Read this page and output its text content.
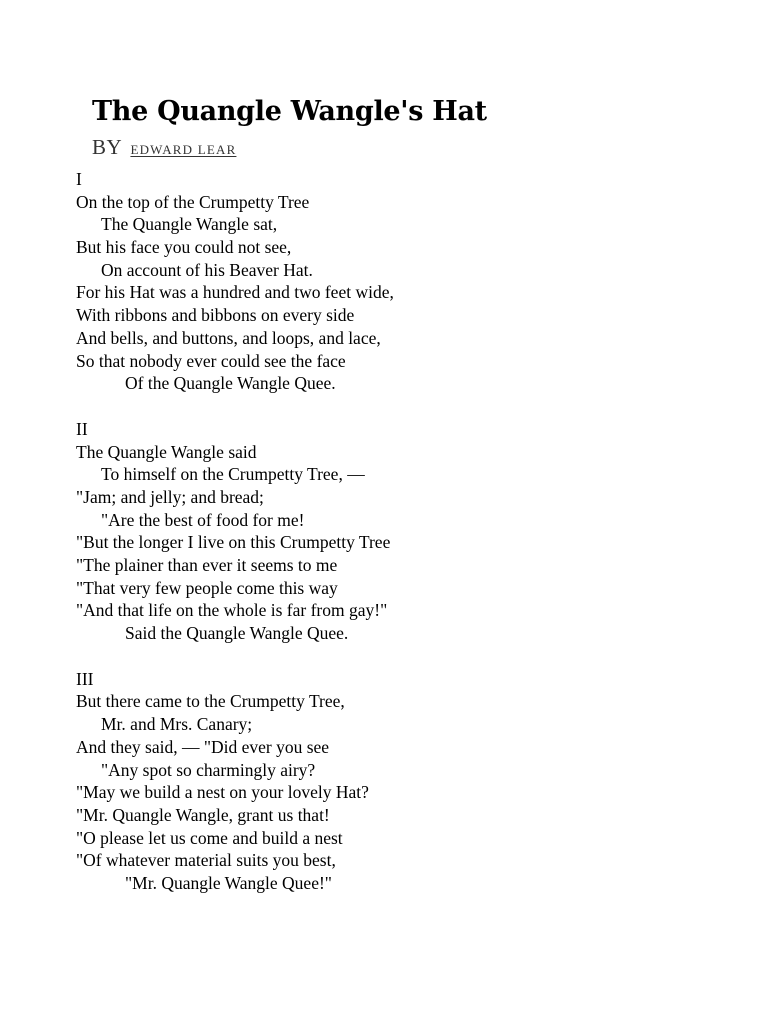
The Quangle Wangle's Hat
BY EDWARD LEAR
I
On the top of the Crumpetty Tree
The Quangle Wangle sat,
But his face you could not see,
On account of his Beaver Hat.
For his Hat was a hundred and two feet wide,
With ribbons and bibbons on every side
And bells, and buttons, and loops, and lace,
So that nobody ever could see the face
Of the Quangle Wangle Quee.
II
The Quangle Wangle said
To himself on the Crumpetty Tree, —
"Jam; and jelly; and bread;
"Are the best of food for me!
"But the longer I live on this Crumpetty Tree
"The plainer than ever it seems to me
"That very few people come this way
"And that life on the whole is far from gay!"
Said the Quangle Wangle Quee.
III
But there came to the Crumpetty Tree,
Mr. and Mrs. Canary;
And they said, — "Did ever you see
"Any spot so charmingly airy?
"May we build a nest on your lovely Hat?
"Mr. Quangle Wangle, grant us that!
"O please let us come and build a nest
"Of whatever material suits you best,
"Mr. Quangle Wangle Quee!"
